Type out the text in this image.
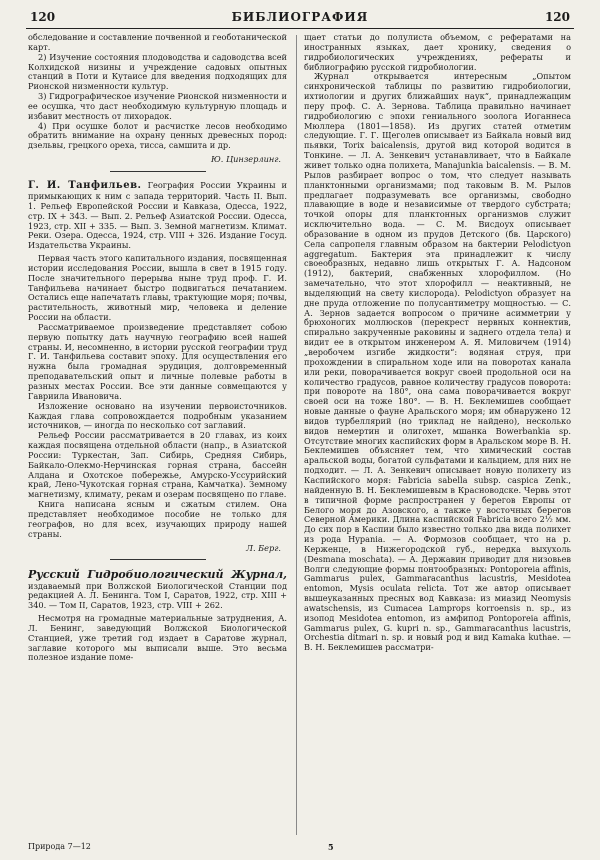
120	БИБЛИОГРАФИЯ	120

обследование и составление почвенной и геоботанической карт.

2) Изучение состояния плодоводства и садоводства всей Колхидской низины и учреждение садовых опытных станций в Поти и Кутаисе для введения подходящих для Рионской низменности культур.

3) Гидрографическое изучение Рионской низменности и ее осушка, что даст необходимую культурную площадь и избавит местность от лихорадок.

4) При осушке болот и расчистке лесов необходимо обратить внимание на охрану ценных древесных пород: дзельвы, грецкого ореха, тисса, самшита и др.

Ю. Цинзерлинг.

Г. И. Танфильев. География России Украины и примыкающих к ним с запада территорий. Часть II. Вып. 1. Рельеф Европейской России и Кавказа, Одесса, 1922, стр. IX + 343. — Вып. 2. Рельеф Азиатской России. Одесса, 1923, стр. XII + 335. — Вып. 3. Земной магнетизм. Климат. Реки. Озера. Одесса, 1924, стр. VIII + 326. Издание Госуд. Издательства Украины.

Первая часть этого капитального издания, посвященная истории исследования России, вышла в свет в 1915 году. После значительного перерыва ныне труд проф. Г. И. Танфильева начинает быстро подвигаться печатанием. Остались еще напечатать главы, трактующие моря; почвы, растительность, животный мир, человека и деление России на области.

Рассматриваемое произведение представляет собою первую попытку дать научную географию всей нашей страны. И, несомненно, в истории русской географии труд Г. И. Танфильева составит эпоху. Для осуществления его нужна была громадная эрудиция, долговременный преподавательский опыт и личные полевые работы в разных местах России. Все эти данные совмещаются у Гавриила Ивановича.

Изложение основано на изучении первоисточников. Каждая глава сопровождается подробным указанием источников, — иногда по несколько сот заглавий.

Рельеф России рассматривается в 20 главах, из коих каждая посвящена отдельной области (напр., в Азиатской России: Туркестан, Зап. Сибирь, Средняя Сибирь, Байкало-Олекмо-Нерчинская горная страна, бассейн Алдана и Охотское побережье, Амурско-Уссурийский край, Лено-Чукотская горная страна, Камчатка). Земному магнетизму, климату, рекам и озерам посвящено по главе.

Книга написана ясным и сжатым стилем. Она представляет необходимое пособие не только для географов, но для всех, изучающих природу нашей страны.

Л. Берг.

Русский Гидробиологический Журнал, издаваемый при Волжской Биологической Станции под редакцией А. Л. Бенинга. Том I, Саратов, 1922, стр. XIII + 340. — Том II, Саратов, 1923, стр. VIII + 262.

Несмотря на громадные материальные затруднения, А. Л. Бенинг, заведующий Волжской Биологической Станцией, уже третий год издает в Саратове журнал, заглавие которого мы выписали выше. Это весьма полезное издание поме-

щает статьи до полулиста объемом, с рефератами на иностранных языках, дает хронику, сведения о гидробиологических учреждениях, рефераты и библиографию русской гидробиологии.

Журнал открывается интересным „Опытом синхронической таблицы по развитию гидробиологии, ихтиологии и других ближайших наук“, принадлежащим перу проф. С. А. Зернова. Таблица правильно начинает гидробиологию с эпохи гениального зоолога Иоганнеса Мюллера (1801—1858). Из других статей отметим следующие. Г. Г. Щеголев описывает из Байкала новый вид пьявки, Torix baicalensis, другой вид которой водится в Тонкине. — Л. А. Зенкевич устанавливает, что в Байкале живет только одна полихета, Manajunkia baicalensis. — В. М. Рылов разбирает вопрос о том, что следует называть планктонными организмами; под таковым В. М. Рылов предлагает подразумевать все организмы, свободно плавающие в воде и независимые от твердого субстрата; точкой опоры для планктонных организмов служит исключительно вода. — С. М. Висдоух описывает образование в одном из прудов Детского (бв. Царского) Села сапропеля главным образом на бактерии Pelodictyon aggregatum. Бактерия эта принадлежит к числу своеобразных, недавно лишь открытых Г. А. Надсоном (1912), бактерий, снабженных хлорофиллом. (Но замечательно, что этот хлорофилл — неактивный, не выделяющий на свету кислорода). Pelodictyon образует на дне пруда отложение по полусантиметру мощностью. — С. А. Зернов задается вопросом о причине асимметрии у брюхоногих моллюсков (перекрест нервных коннектив, спирально закрученные раковины и заднего отдела тела) и видит ее в открытом инженером А. Я. Миловичем (1914) „веробочем изгибе жидкости“: водяная струя, при прохождении в спиральном ходе или на поворотах канала или реки, поворачивается вокруг своей продольной оси на количество градусов, равное количеству градусов поворота: при повороте на 180°, она сама поворачивается вокруг своей оси на тоже 180°. — В. Н. Беклемишев сообщает новые данные о фауне Аральского моря; им обнаружено 12 видов турбеллярий (но триклад не найдено), несколько видов немертин и олигохет, мшанка Bowerbankia sp. Отсутствие многих каспийских форм в Аральском море В. Н. Беклемишев объясняет тем, что химический состав аральской воды, богатой сульфатами и кальцием, для них не подходит. — Л. А. Зенкевич описывает новую полихету из Каспийского моря: Fabricia sabella subsp. caspica Zenk., найденную В. Н. Беклемишевым в Красноводске. Червь этот в типичной форме распространен у берегов Европы от Белого моря до Азовского, а также у восточных берегов Северной Америки. Длина каспийской Fabricia всего 2½ мм. До сих пор в Каспии было известно только два вида полихет из рода Hypania. — А. Формозов сообщает, что на р. Керженце, в Нижегородской губ., нередка выхухоль (Desmana moschata). — А. Державин приводит для низовьев Волги следующие формы понтообразных: Pontoporeia affinis, Gammarus pulex, Gammaracanthus lacustris, Mesidotea entomon, Mysis oculata relicta. Тот же автор описывает вышеуказанных пресных вод Кавказа: из миазид Neomysis awatschensis, из Cumacea Lamprops korroensis n. sp., из изопод Mesidotea entomon, из амфипод Pontoporeia affinis, Gammarus pulex, G. kupri n. sp., Gammaracanthus lacustris, Orchestia ditmari n. sp. и новый род и вид Kamaka kuthae. — В. Н. Беклемишев рассматри-

Природа 7—12	5
